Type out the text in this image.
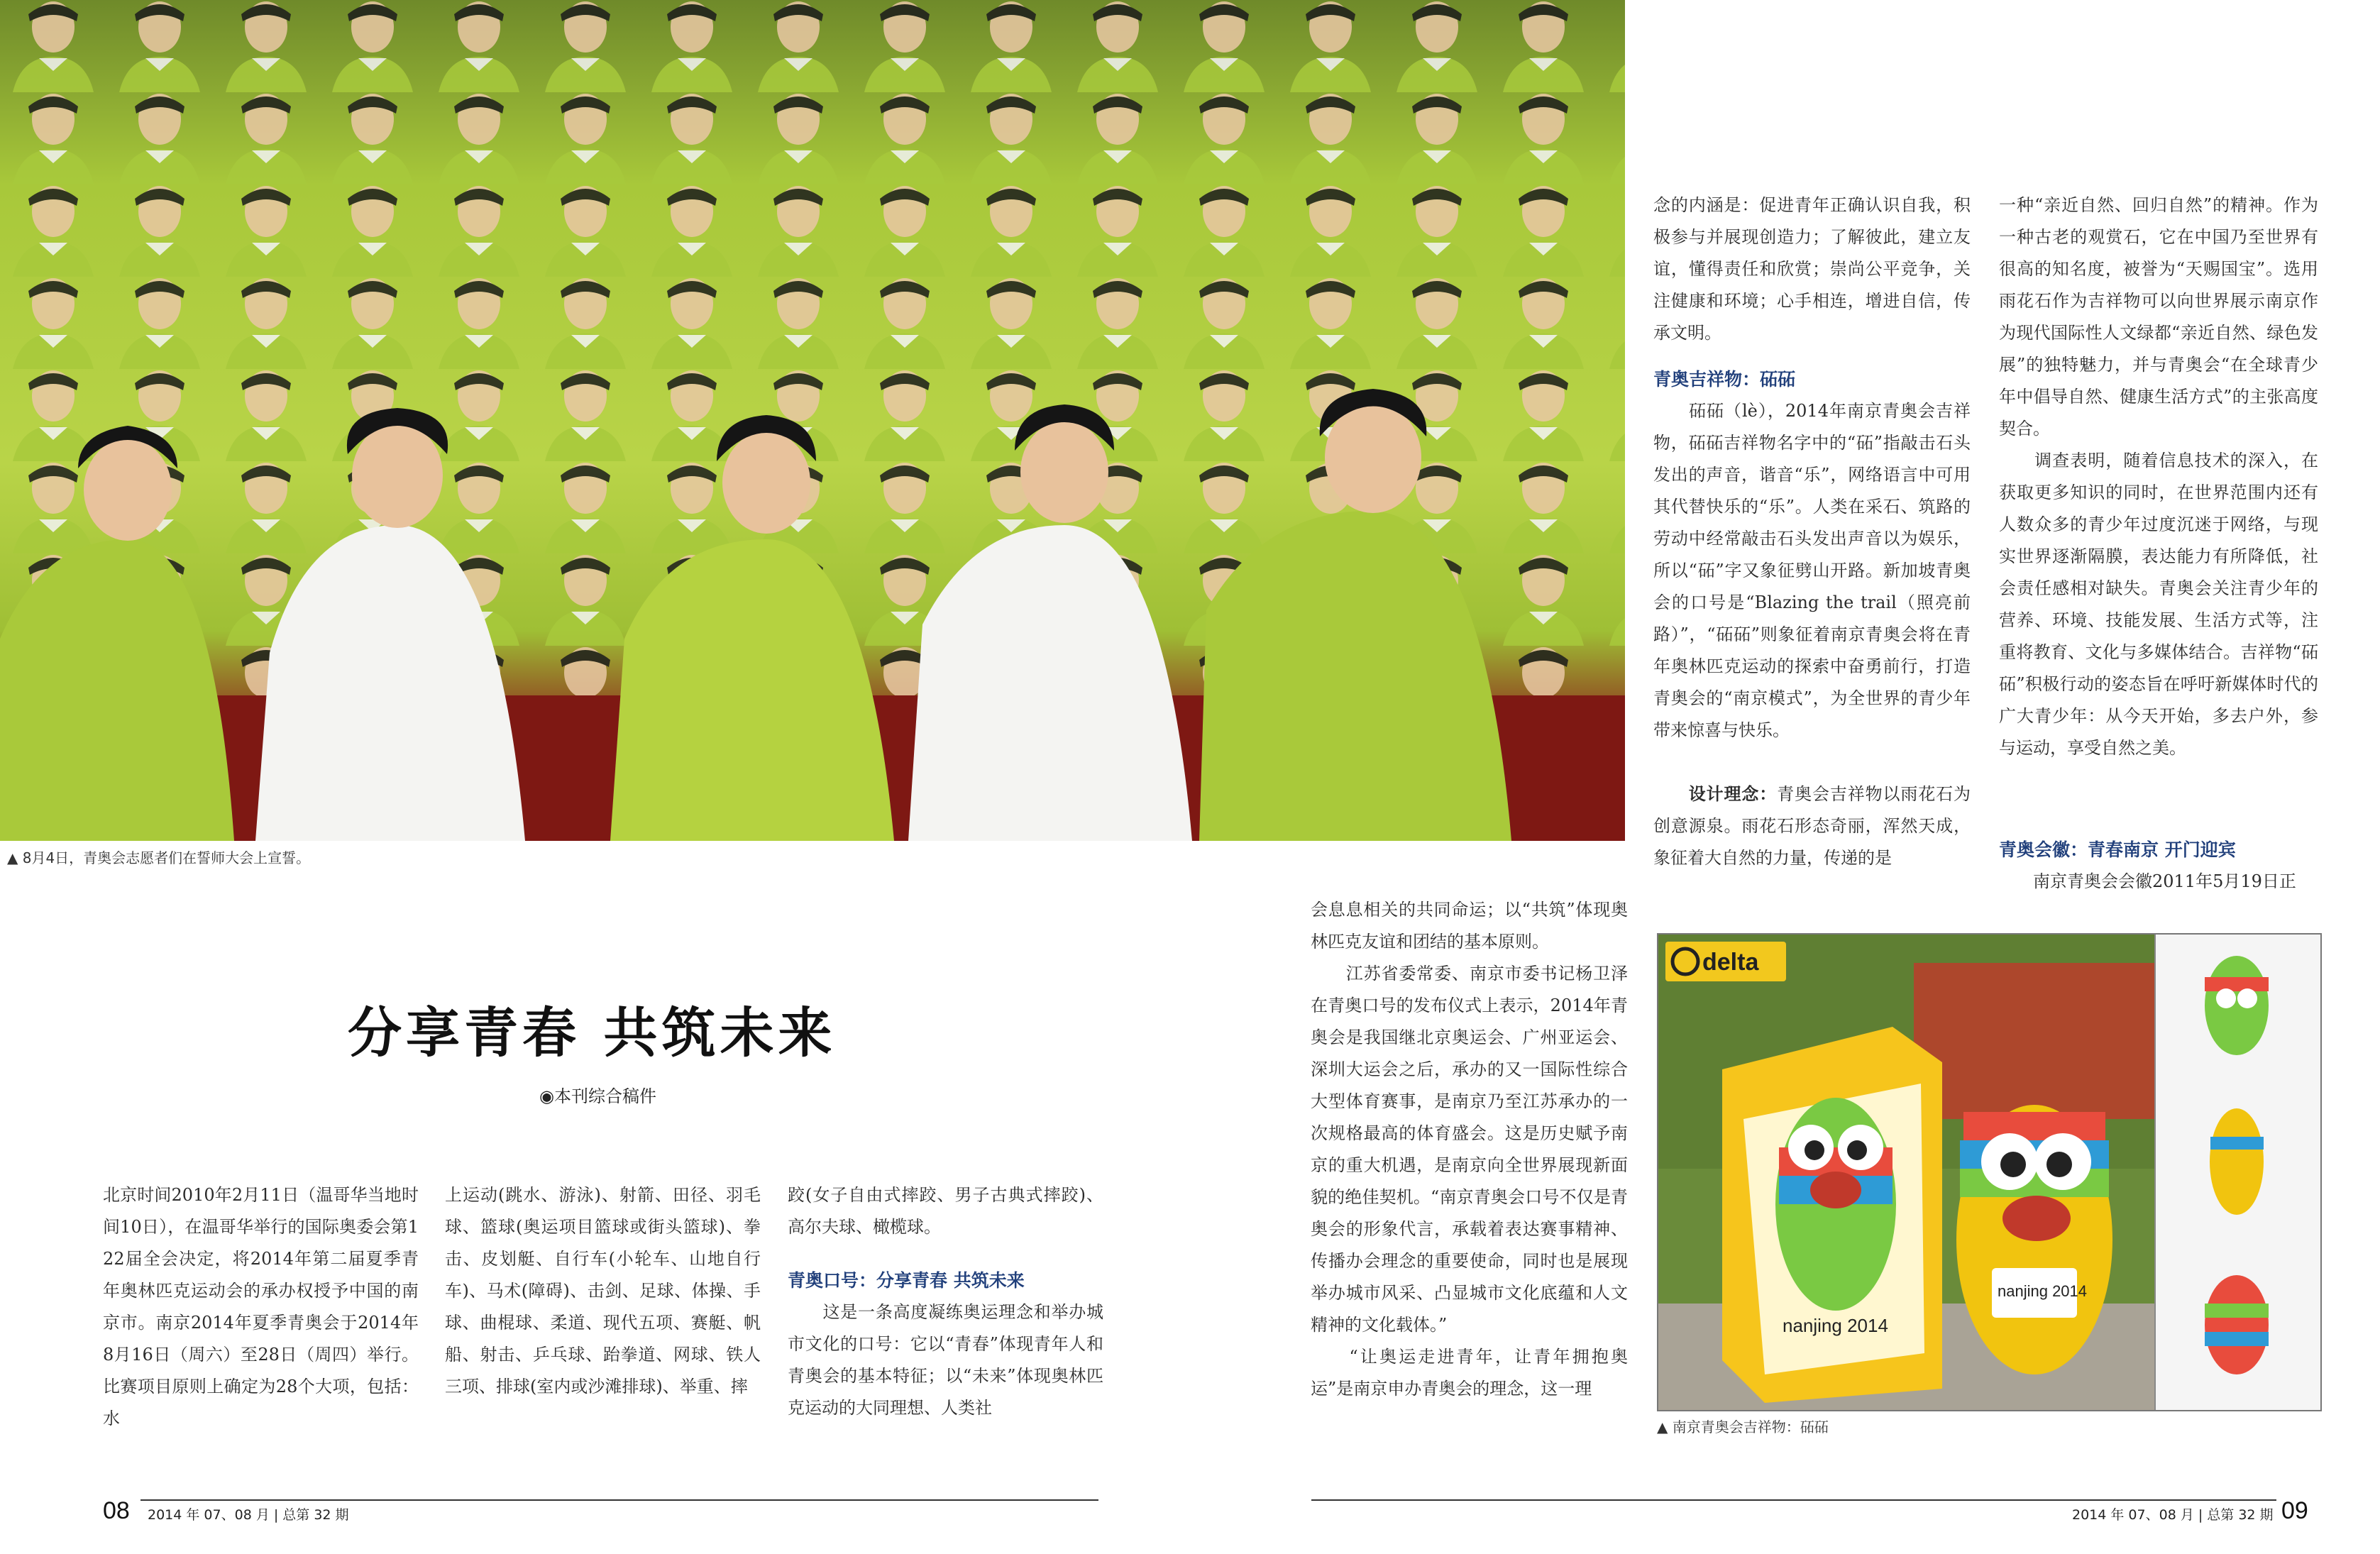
▲ 8月4日，青奥会志愿者们在誓师大会上宣誓。
分享青春 共筑未来
◉本刊综合稿件
北京时间2010年2月11日（温哥华当地时间10日），在温哥华举行的国际奥委会第122届全会决定，将2014年第二届夏季青年奥林匹克运动会的承办权授予中国的南京市。南京2014年夏季青奥会于2014年8月16日（周六）至28日（周四）举行。比赛项目原则上确定为28个大项，包括：水
上运动(跳水、游泳)、射箭、田径、羽毛球、篮球(奥运项目篮球或街头篮球)、拳击、皮划艇、自行车(小轮车、山地自行车)、马术(障碍)、击剑、足球、体操、手球、曲棍球、柔道、现代五项、赛艇、帆船、射击、乒乓球、跆拳道、网球、铁人三项、排球(室内或沙滩排球)、举重、摔
跤(女子自由式摔跤、男子古典式摔跤)、高尔夫球、橄榄球。
青奥口号：分享青春 共筑未来
　　这是一条高度凝练奥运理念和举办城市文化的口号：它以“青春”体现青年人和青奥会的基本特征；以“未来”体现奥林匹克运动的大同理想、人类社
会息息相关的共同命运；以“共筑”体现奥林匹克友谊和团结的基本原则。
　　江苏省委常委、南京市委书记杨卫泽在青奥口号的发布仪式上表示，2014年青奥会是我国继北京奥运会、广州亚运会、深圳大运会之后，承办的又一国际性综合大型体育赛事，是南京乃至江苏承办的一次规格最高的体育盛会。这是历史赋予南京的重大机遇，是南京向全世界展现新面貌的绝佳契机。“南京青奥会口号不仅是青奥会的形象代言，承载着表达赛事精神、传播办会理念的重要使命，同时也是展现举办城市风采、凸显城市文化底蕴和人文精神的文化载体。”
　　“让奥运走进青年，让青年拥抱奥运”是南京申办青奥会的理念，这一理
念的内涵是：促进青年正确认识自我，积极参与并展现创造力；了解彼此，建立友谊，懂得责任和欣赏；崇尚公平竞争，关注健康和环境；心手相连，增进自信，传承文明。
青奥吉祥物：砳砳
　　砳砳（lè），2014年南京青奥会吉祥物，砳砳吉祥物名字中的“砳”指敲击石头发出的声音，谐音“乐”，网络语言中可用其代替快乐的“乐”。人类在采石、筑路的劳动中经常敲击石头发出声音以为娱乐，所以“砳”字又象征劈山开路。新加坡青奥会的口号是“Blazing the trail（照亮前路）”，“砳砳”则象征着南京青奥会将在青年奥林匹克运动的探索中奋勇前行，打造青奥会的“南京模式”，为全世界的青少年带来惊喜与快乐。
　　设计理念：青奥会吉祥物以雨花石为创意源泉。雨花石形态奇丽，浑然天成，象征着大自然的力量，传递的是
一种“亲近自然、回归自然”的精神。作为一种古老的观赏石，它在中国乃至世界有很高的知名度，被誉为“天赐国宝”。选用雨花石作为吉祥物可以向世界展示南京作为现代国际性人文绿都“亲近自然、绿色发展”的独特魅力，并与青奥会“在全球青少年中倡导自然、健康生活方式”的主张高度契合。
　　调查表明，随着信息技术的深入，在获取更多知识的同时，在世界范围内还有人数众多的青少年过度沉迷于网络，与现实世界逐渐隔膜，表达能力有所降低，社会责任感相对缺失。青奥会关注青少年的营养、环境、技能发展、生活方式等，注重将教育、文化与多媒体结合。吉祥物“砳砳”积极行动的姿态旨在呼吁新媒体时代的广大青少年：从今天开始，多去户外，参与运动，享受自然之美。
青奥会徽：青春南京 开门迎宾
　　南京青奥会会徽2011年5月19日正
delta
nanjing 2014
nanjing 2014
▲ 南京青奥会吉祥物：砳砳
08 2014 年 07、08 月 | 总第 32 期	2014 年 07、08 月 | 总第 32 期 09
